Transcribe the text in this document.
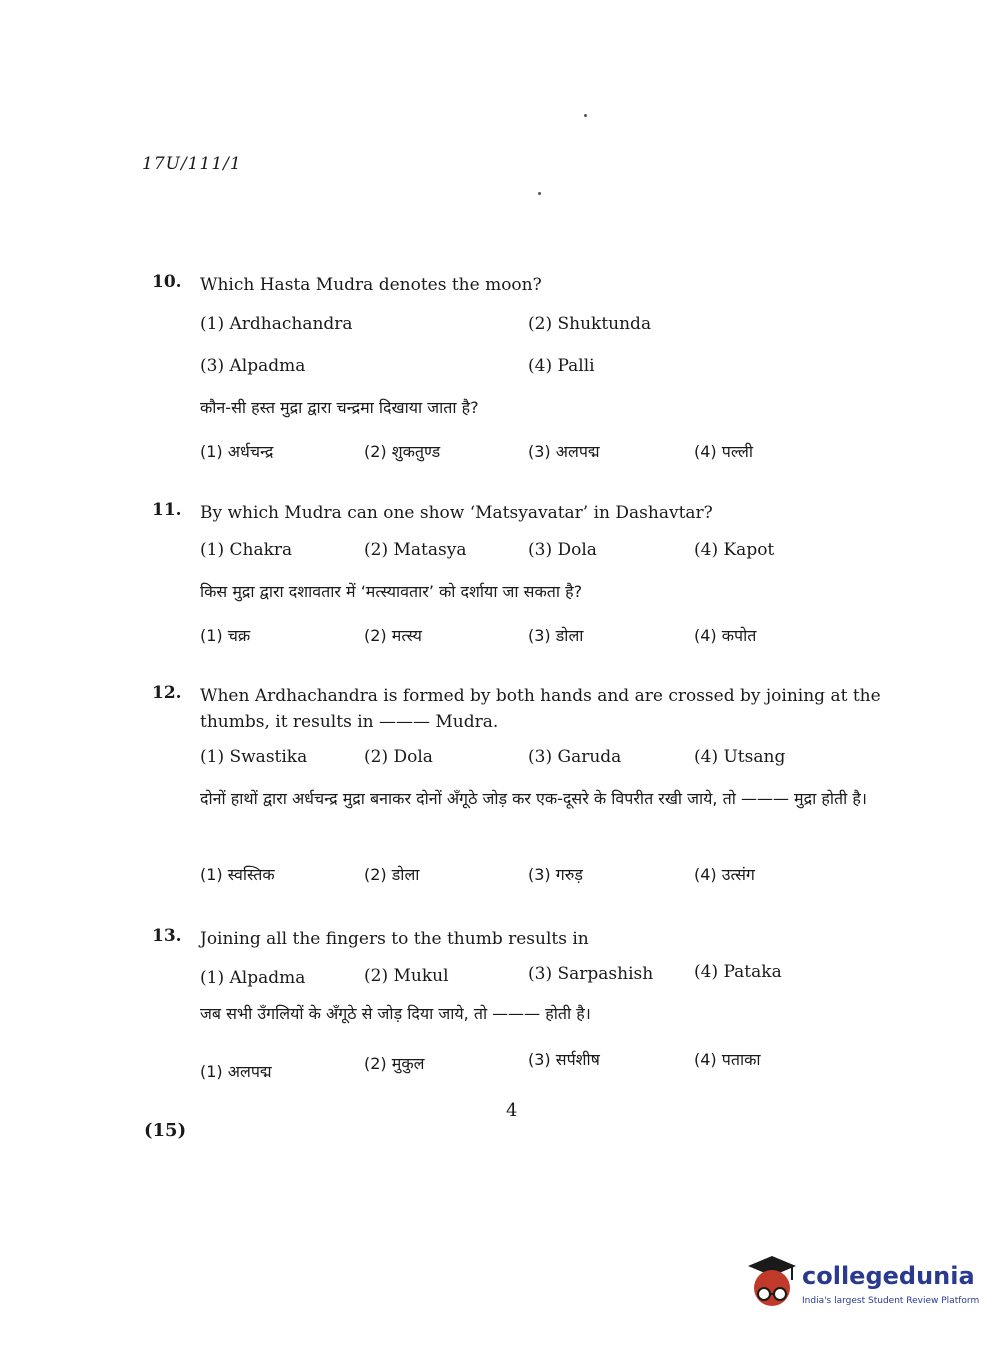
17U/111/1
10. Which Hasta Mudra denotes the moon?
(1) Ardhachandra	(2) Shuktunda
(3) Alpadma	(4) Palli
कौन-सी हस्त मुद्रा द्वारा चन्द्रमा दिखाया जाता है?
(1) अर्धचन्द्र	(2) शुकतुण्ड	(3) अलपद्म	(4) पल्ली
11. By which Mudra can one show ‘Matsyavatar’ in Dashavtar?
(1) Chakra	(2) Matasya	(3) Dola	(4) Kapot
किस मुद्रा द्वारा दशावतार में ‘मत्स्यावतार’ को दर्शाया जा सकता है?
(1) चक्र	(2) मत्स्य	(3) डोला	(4) कपोत
12. When Ardhachandra is formed by both hands and are crossed by joining at the thumbs, it results in ——— Mudra.
(1) Swastika	(2) Dola	(3) Garuda	(4) Utsang
दोनों हाथों द्वारा अर्धचन्द्र मुद्रा बनाकर दोनों अँगूठे जोड़ कर एक-दूसरे के विपरीत रखी जाये, तो ——— मुद्रा होती है।
(1) स्वस्तिक	(2) डोला	(3) गरुड़	(4) उत्संग
13. Joining all the fingers to the thumb results in
(1) Alpadma	(2) Mukul	(3) Sarpashish (4) Pataka
जब सभी उँगलियों के अँगूठे से जोड़ दिया जाये, तो ——— होती है।
(1) अलपद्म	(2) मुकुल	(3) सर्पशीष	(4) पताका
4
(15)
collegedunia
India's largest Student Review Platform
